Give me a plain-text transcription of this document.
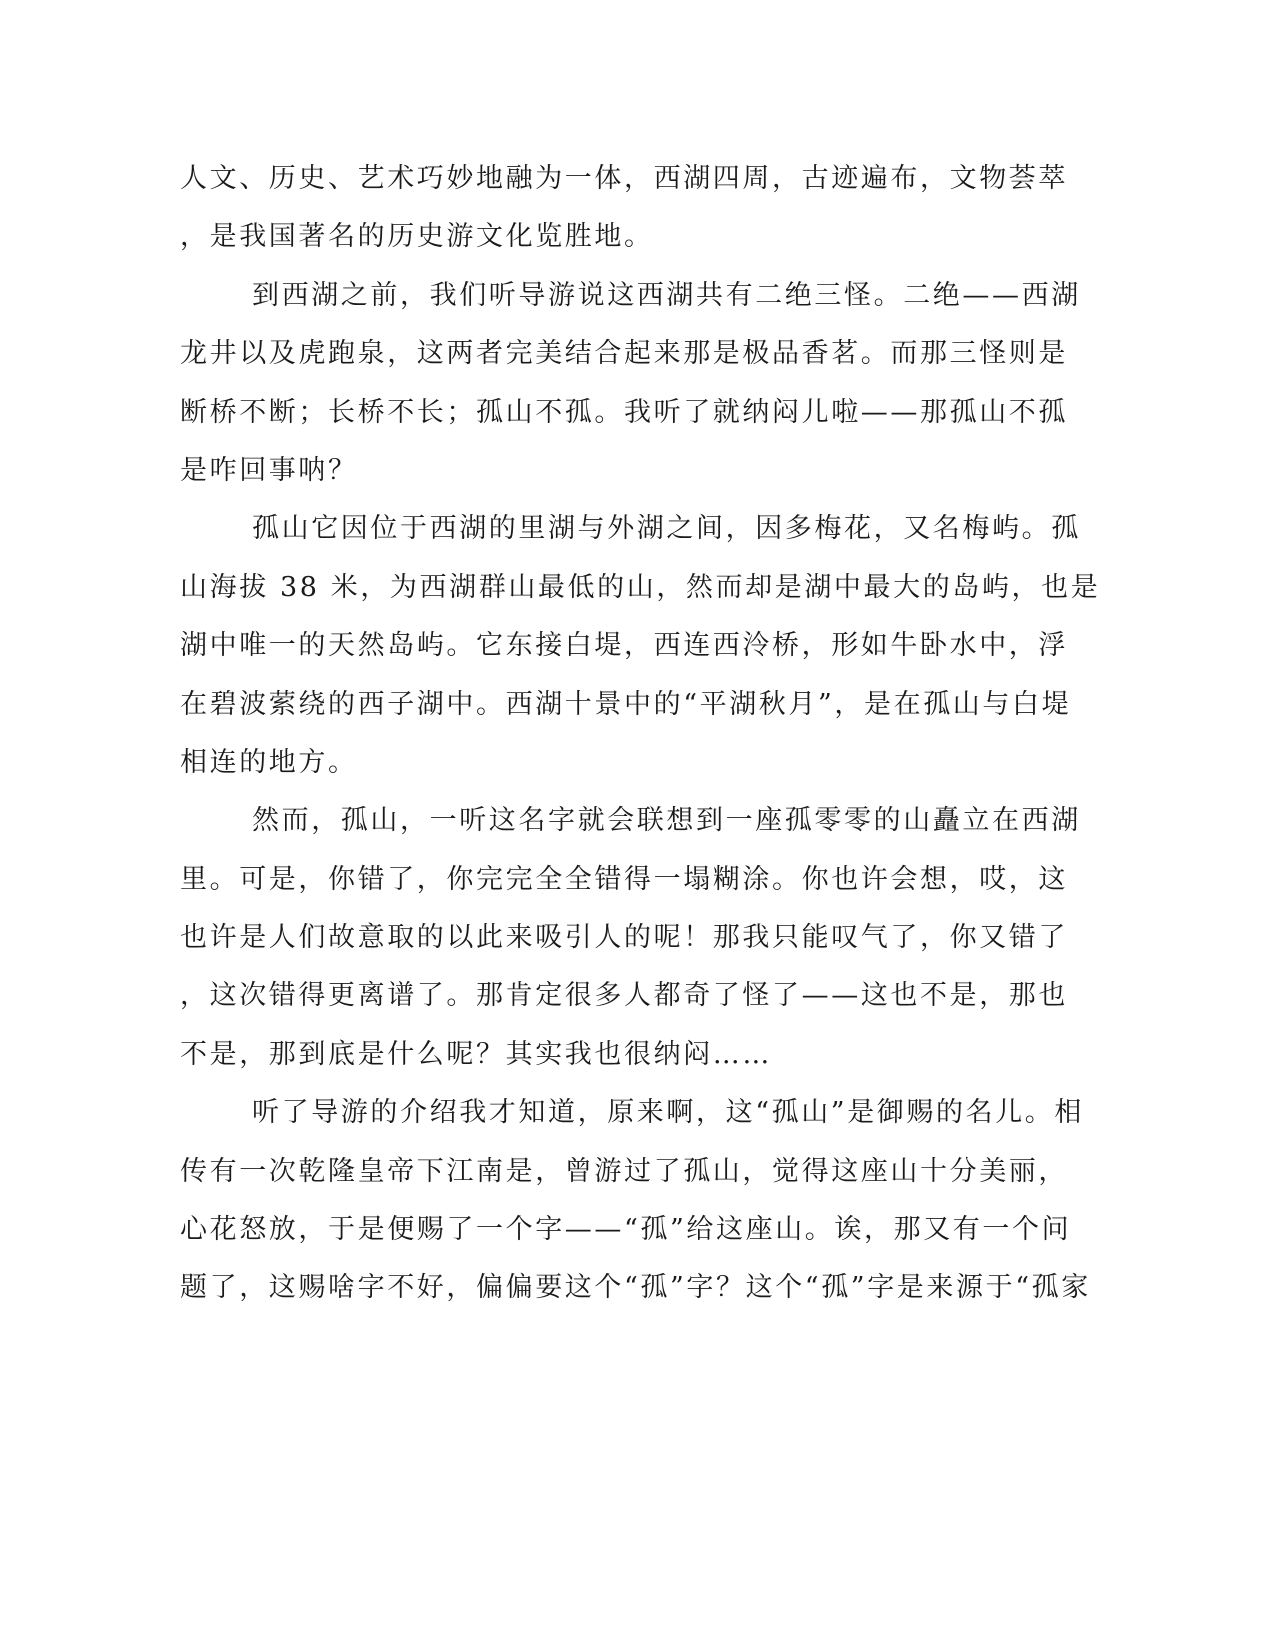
人文、历史、艺术巧妙地融为一体，西湖四周，古迹遍布，文物荟萃
，是我国著名的历史游文化览胜地。
到西湖之前，我们听导游说这西湖共有二绝三怪。二绝——西湖
龙井以及虎跑泉，这两者完美结合起来那是极品香茗。而那三怪则是
断桥不断；长桥不长；孤山不孤。我听了就纳闷儿啦——那孤山不孤
是咋回事呐？
孤山它因位于西湖的里湖与外湖之间，因多梅花，又名梅屿。孤
山海拔 38 米，为西湖群山最低的山，然而却是湖中最大的岛屿，也是
湖中唯一的天然岛屿。它东接白堤，西连西泠桥，形如牛卧水中，浮
在碧波萦绕的西子湖中。西湖十景中的“平湖秋月”，是在孤山与白堤
相连的地方。
然而，孤山，一听这名字就会联想到一座孤零零的山矗立在西湖
里。可是，你错了，你完完全全错得一塌糊涂。你也许会想，哎，这
也许是人们故意取的以此来吸引人的呢！那我只能叹气了，你又错了
，这次错得更离谱了。那肯定很多人都奇了怪了——这也不是，那也
不是，那到底是什么呢？其实我也很纳闷……
听了导游的介绍我才知道，原来啊，这“孤山”是御赐的名儿。相
传有一次乾隆皇帝下江南是，曾游过了孤山，觉得这座山十分美丽，
心花怒放，于是便赐了一个字——“孤”给这座山。诶，那又有一个问
题了，这赐啥字不好，偏偏要这个“孤”字？这个“孤”字是来源于“孤家
